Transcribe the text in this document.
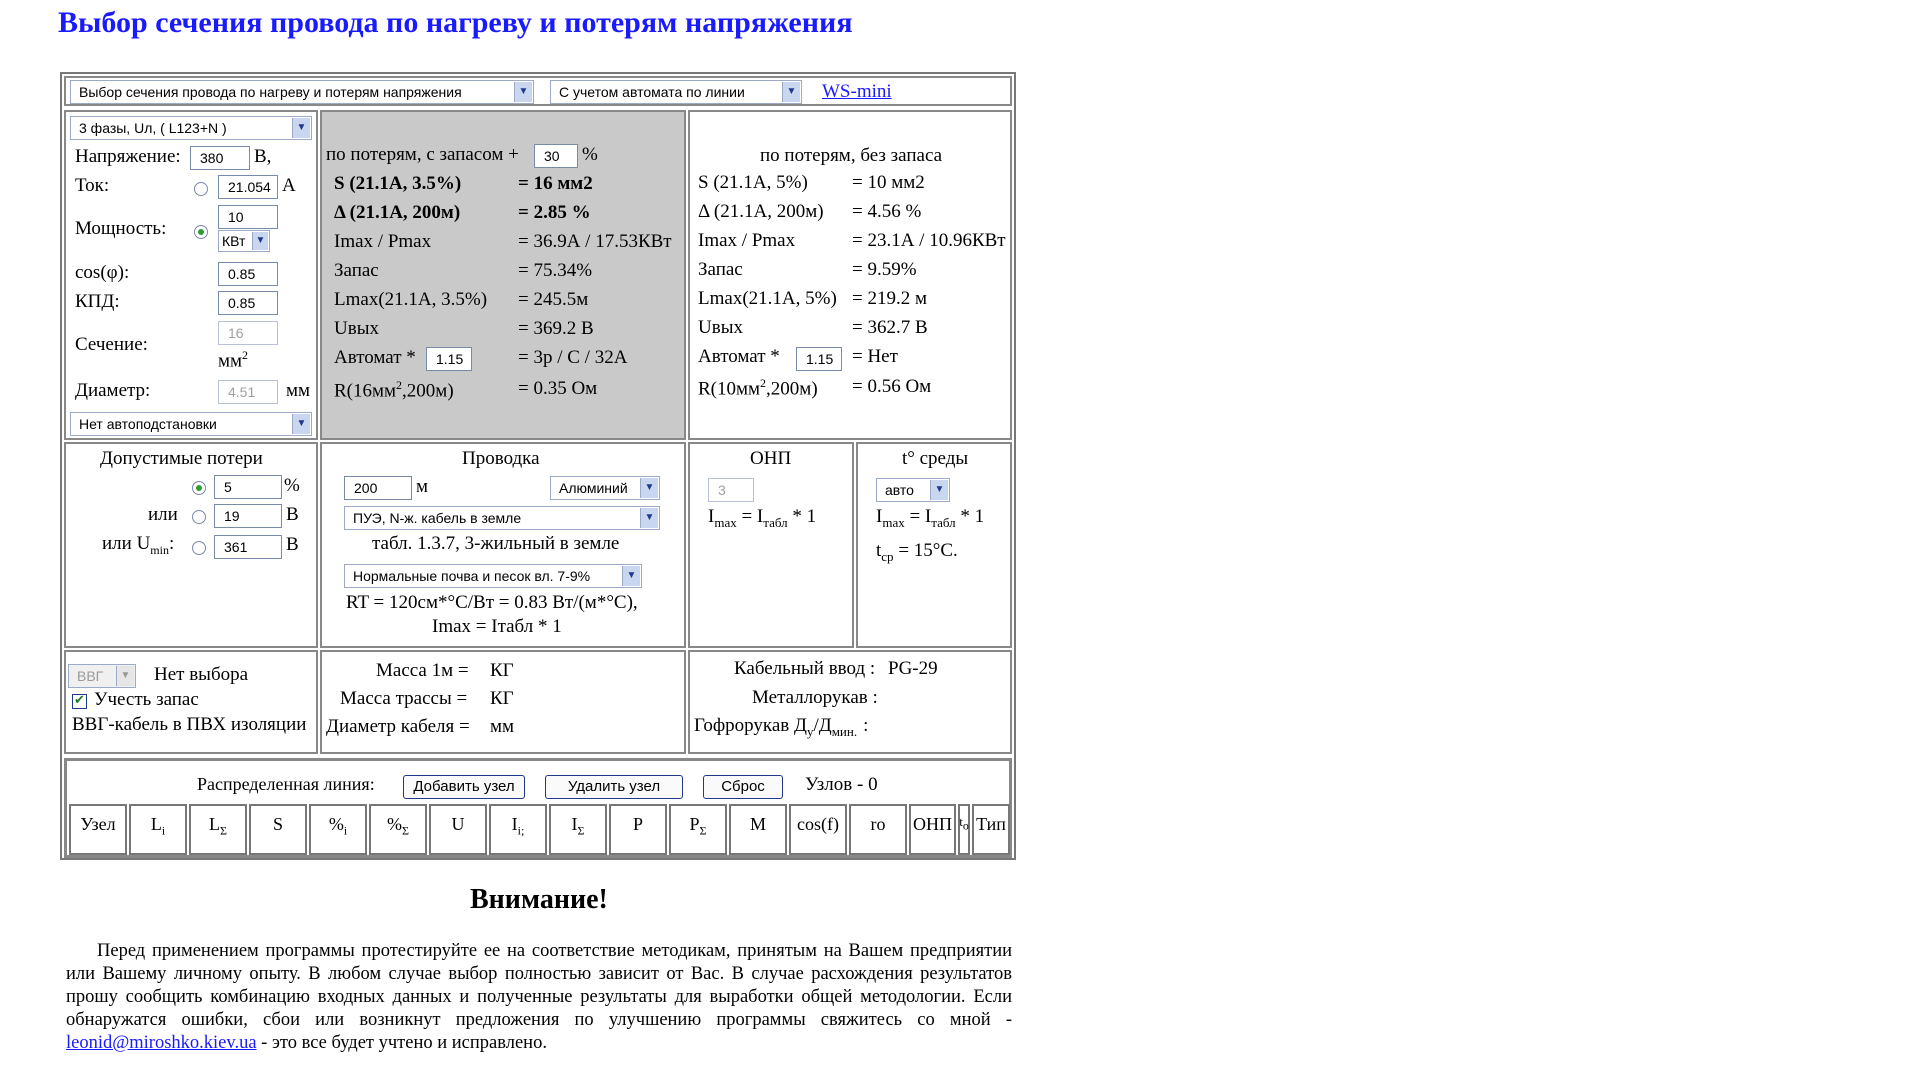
Выбор сечения провода по нагреву и потерям напряжения
Выбор сечения провода по нагреву и потерям напряжения	▼	С учетом автомата по линии	▼ WS-mini
3 фазы, Uл, ( L123+N )	▼
Напряжение:	380	В,
Ток:	21.054 А
Мощность:
10
КВт	▼
cos(φ):	0.85
КПД:	0.85
Сечение:
16
$мм^2$
Диаметр:	4.51	мм
Нет автоподстановки	▼
по потерям, с запасом +	30	%
S (21.1А, 3.5%)	= 16 мм2
Δ (21.1А, 200м)	= 2.85 %
Imax / Pmax	= 36.9А / 17.53КВт
Запас	= 75.34%
Lmax(21.1А, 3.5%) = 245.5м
Uвых	= 369.2 В
Автомат *	1.15	= 3р / С / 32А
$R(16мм^2,200м)$	= 0.35 Ом
по потерям, без запаса
S (21.1А, 5%) = 10 мм2
Δ (21.1А, 200м) = 4.56 %
Imax / Pmax	= 23.1А / 10.96КВт
Запас	= 9.59%
Lmax(21.1А, 5%) = 219.2 м
Uвых	= 362.7 В
Автомат *	1.15 = Нет
$R(10мм^2,200м) = 0.56$ Ом
Допустимые потери
5	%
или	19	В
или $U_{min}$:	361	В
Проводка
200	м	Алюминий	▼
ПУЭ, N-ж. кабель в земле	▼
табл. 1.3.7, 3-жильный в земле
Нормальные почва и песок вл. 7-9%	▼
RT = 120см*°С/Вт = 0.83 Вт/(м*°С),
Imax = Iтабл * 1
ОНП
3
$I_{max} = I_{табл} * 1$
t° среды
авто	▼
$I_{max} = I_{табл} * 1$
$t_{ср} = 15^\circ С$.
ВВГ	▼ Нет выбора
✔ Учесть запас
ВВГ-кабель в ПВХ изоляции
Масса 1м = КГ
Масса трассы = КГ
Диаметр кабеля = мм
Кабельный ввод : PG-29
Металлорукав :
Гофрорукав $Д_у/Д_{мин.}$ :
Распределенная линия:	Добавить узел	Удалить узел	Сброс	Узлов - 0
Узел	$L_i$	$L_\Sigma$	S	$\%_i$	$\%_\Sigma$	U	$I_{i;}$	$I_\Sigma$	P	$P_\Sigma$	M	cos(f)	ro	ОНП $t_o$ Тип
Внимание!
Перед применением программы протестируйте ее на соответствие методикам, принятым на Вашем предприятии или Вашему личному опыту. В любом случае выбор полностью зависит от Вас. В случае расхождения результатов прошу сообщить комбинацию входных данных и полученные результаты для выработки общей методологии. Если обнаружатся ошибки, сбои или возникнут предложения по улучшению программы свяжитесь со мной - leonid@miroshko.kiev.ua - это все будет учтено и исправлено.
